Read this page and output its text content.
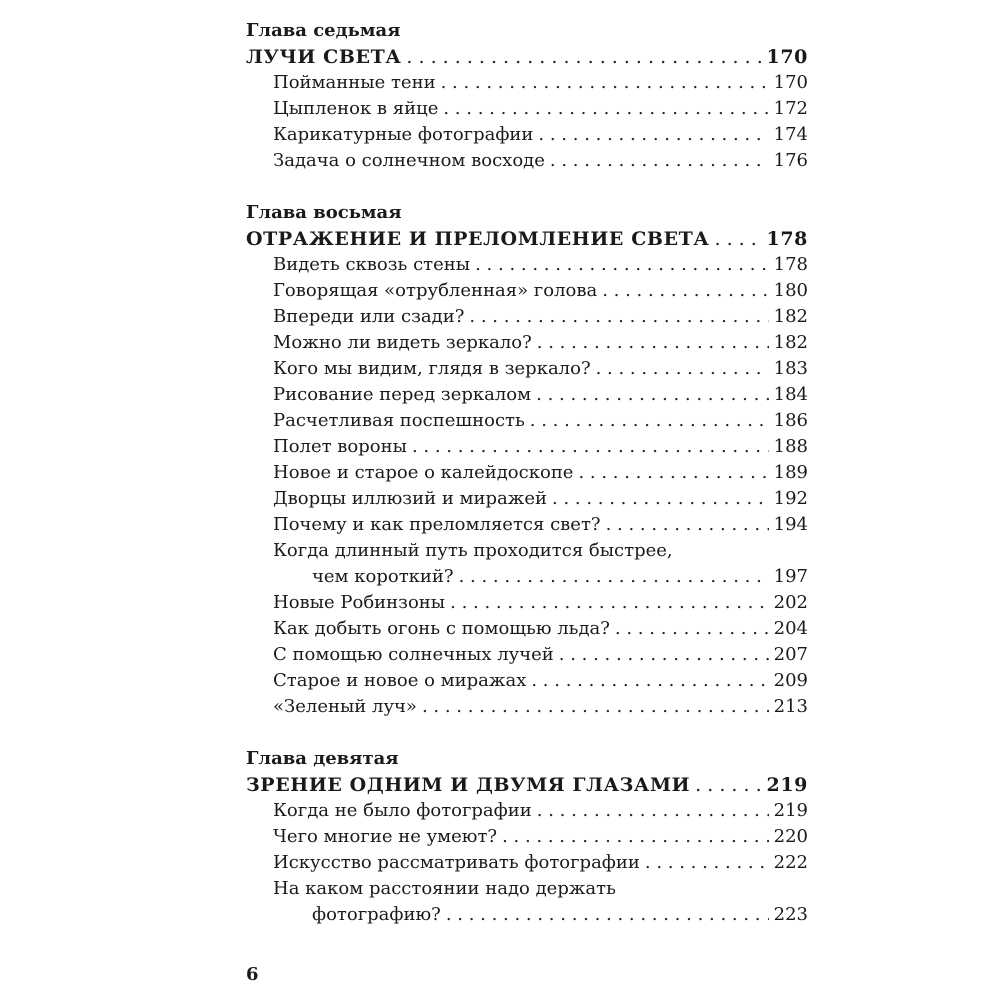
Глава седьмая
ЛУЧИ СВЕТА . . .	170
Пойманные тени . . .	170
Цыпленок в яйце . . .	172
Карикатурные фотографии . . .	174
Задача о солнечном восходе . . .	176
Глава восьмая
ОТРАЖЕНИЕ И ПРЕЛОМЛЕНИЕ СВЕТА . . .	178
Видеть сквозь стены . . .	178
Говорящая «отрубленная» голова . . .	180
Впереди или сзади? . . .	182
Можно ли видеть зеркало? . . .	182
Кого мы видим, глядя в зеркало? . . .	183
Рисование перед зеркалом . . .	184
Расчетливая поспешность . . .	186
Полет вороны . . .	188
Новое и старое о калейдоскопе . . .	189
Дворцы иллюзий и миражей . . .	192
Почему и как преломляется свет? . . .	194
Когда длинный путь проходится быстрее,
чем короткий? . . .	197
Новые Робинзоны . . .	202
Как добыть огонь с помощью льда? . . .	204
С помощью солнечных лучей . . .	207
Старое и новое о миражах . . .	209
«Зеленый луч» . . .	213
Глава девятая
ЗРЕНИЕ ОДНИМ И ДВУМЯ ГЛАЗАМИ . . .	219
Когда не было фотографии . . .	219
Чего многие не умеют? . . .	220
Искусство рассматривать фотографии . . .	222
На каком расстоянии надо держать
фотографию? . . .	223
6
